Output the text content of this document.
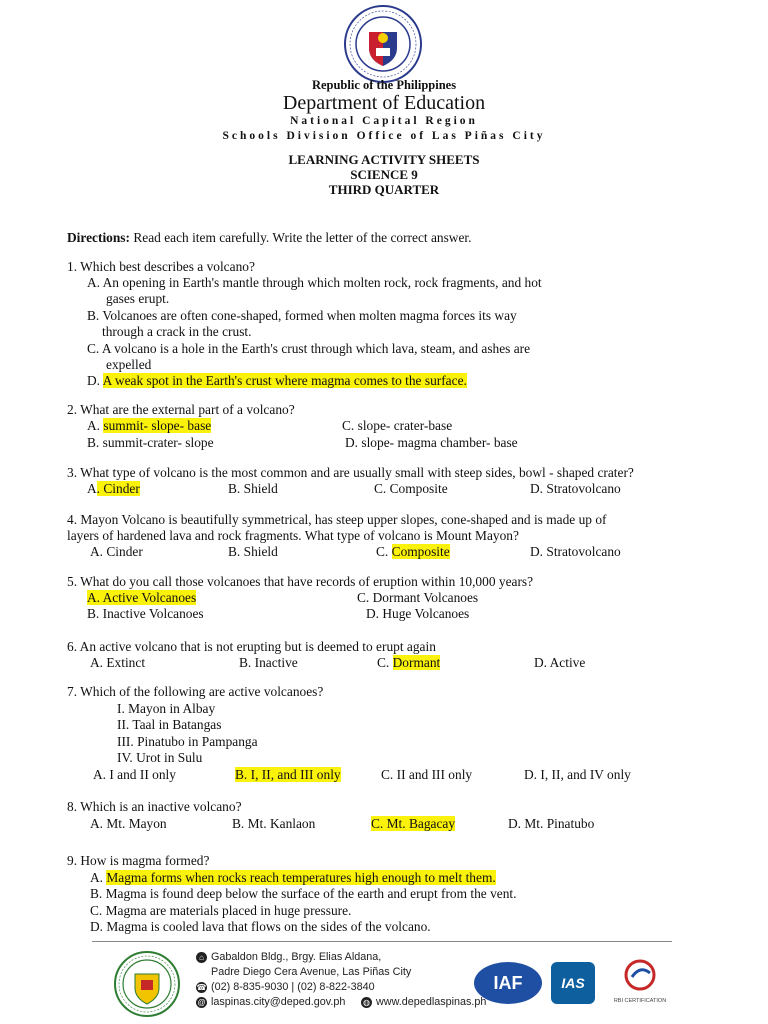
Republic of the Philippines
Department of Education
National Capital Region
Schools Division Office of Las Piñas City
LEARNING ACTIVITY SHEETS
SCIENCE 9
THIRD QUARTER
Directions: Read each item carefully. Write the letter of the correct answer.
1. Which best describes a volcano?
A. An opening in Earth's mantle through which molten rock, rock fragments, and hot
gases erupt.
B. Volcanoes are often cone-shaped, formed when molten magma forces its way
through a crack in the crust.
C. A volcano is a hole in the Earth's crust through which lava, steam, and ashes are
expelled
D. A weak spot in the Earth's crust where magma comes to the surface.
2. What are the external part of a volcano?
A. summit- slope- base	C. slope- crater-base
B. summit-crater- slope	D. slope- magma chamber- base
3. What type of volcano is the most common and are usually small with steep sides, bowl - shaped crater?
A. Cinder	B. Shield	C. Composite	D. Stratovolcano
4. Mayon Volcano is beautifully symmetrical, has steep upper slopes, cone-shaped and is made up of
layers of hardened lava and rock fragments. What type of volcano is Mount Mayon?
A. Cinder	B. Shield	C. Composite	D. Stratovolcano
5. What do you call those volcanoes that have records of eruption within 10,000 years?
A. Active Volcanoes	C. Dormant Volcanoes
B. Inactive Volcanoes	D. Huge Volcanoes
6. An active volcano that is not erupting but is deemed to erupt again
A. Extinct	B. Inactive	C. Dormant	D. Active
7. Which of the following are active volcanoes?
I. Mayon in Albay
II. Taal in Batangas
III. Pinatubo in Pampanga
IV. Urot in Sulu
A. I and II only	B. I, II, and III only	C. II and III only	D. I, II, and IV only
8. Which is an inactive volcano?
A. Mt. Mayon	B. Mt. Kanlaon	C. Mt. Bagacay	D. Mt. Pinatubo
9. How is magma formed?
A. Magma forms when rocks reach temperatures high enough to melt them.
B. Magma is found deep below the surface of the earth and erupt from the vent.
C. Magma are materials placed in huge pressure.
D. Magma is cooled lava that flows on the sides of the volcano.
⌂ Gabaldon Bldg., Brgy. Elias Aldana,
Padre Diego Cera Avenue, Las Piñas City
☎ (02) 8-835-9030 | (02) 8-822-3840
@ laspinas.city@deped.gov.ph ◍ www.depedlaspinas.ph
IAF	IAS
RBI CERTIFICATION
